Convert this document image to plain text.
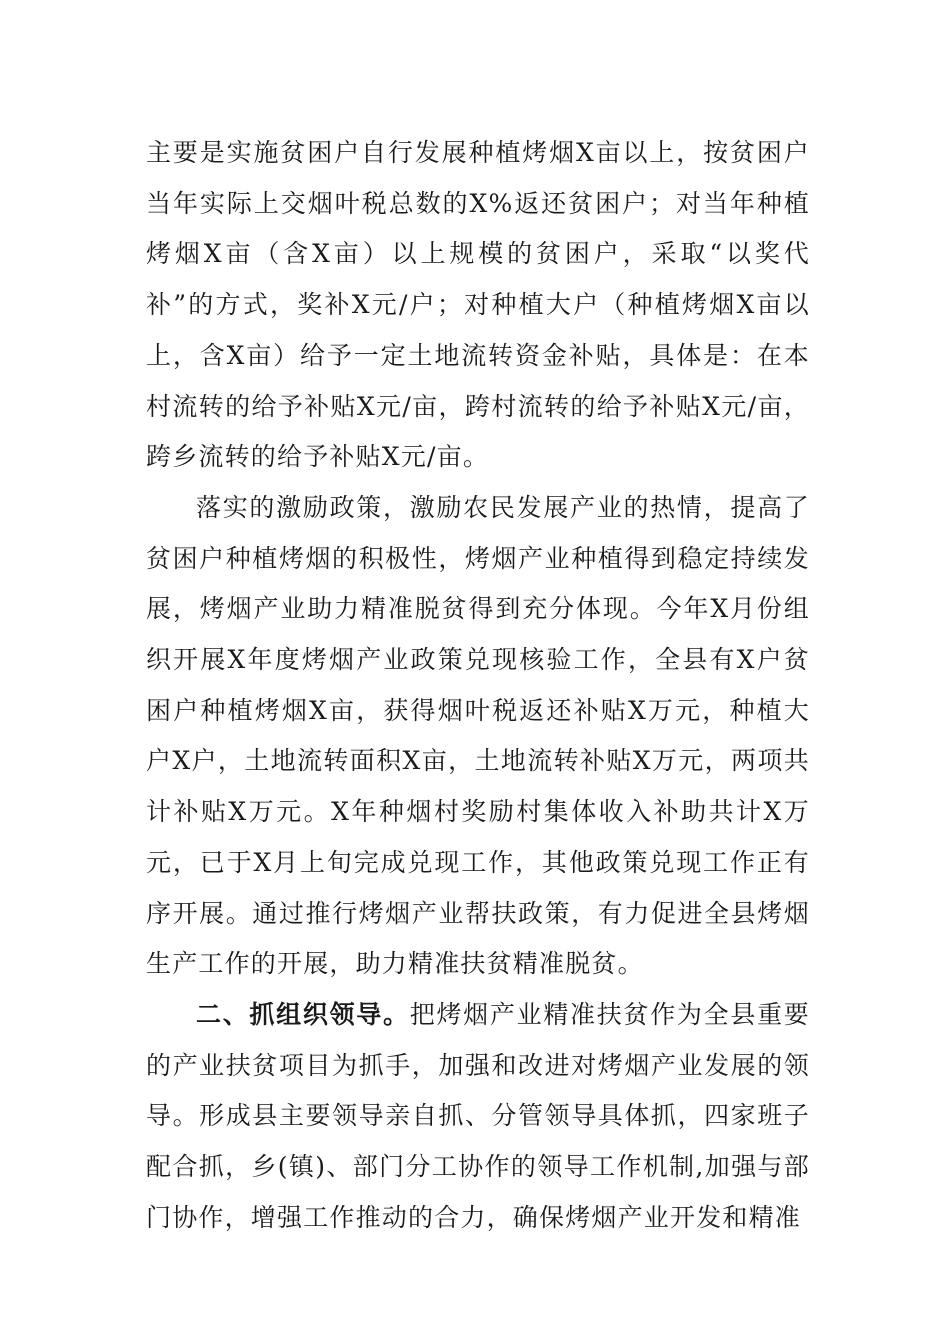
主要是实施贫困户自行发展种植烤烟X亩以上，按贫困户当年实际上交烟叶税总数的X%返还贫困户；对当年种植烤烟X亩（含X亩）以上规模的贫困户，采取“以奖代补”的方式，奖补X元/户；对种植大户（种植烤烟X亩以上，含X亩）给予一定土地流转资金补贴，具体是：在本村流转的给予补贴X元/亩，跨村流转的给予补贴X元/亩，跨乡流转的给予补贴X元/亩。

落实的激励政策，激励农民发展产业的热情，提高了贫困户种植烤烟的积极性，烤烟产业种植得到稳定持续发展，烤烟产业助力精准脱贫得到充分体现。今年X月份组织开展X年度烤烟产业政策兑现核验工作，全县有X户贫困户种植烤烟X亩，获得烟叶税返还补贴X万元，种植大户X户，土地流转面积X亩，土地流转补贴X万元，两项共计补贴X万元。X年种烟村奖励村集体收入补助共计X万元，已于X月上旬完成兑现工作，其他政策兑现工作正有序开展。通过推行烤烟产业帮扶政策，有力促进全县烤烟生产工作的开展，助力精准扶贫精准脱贫。

二、抓组织领导。把烤烟产业精准扶贫作为全县重要的产业扶贫项目为抓手，加强和改进对烤烟产业发展的领导。形成县主要领导亲自抓、分管领导具体抓，四家班子配合抓，乡(镇)、部门分工协作的领导工作机制,加强与部门协作，增强工作推动的合力，确保烤烟产业开发和精准
